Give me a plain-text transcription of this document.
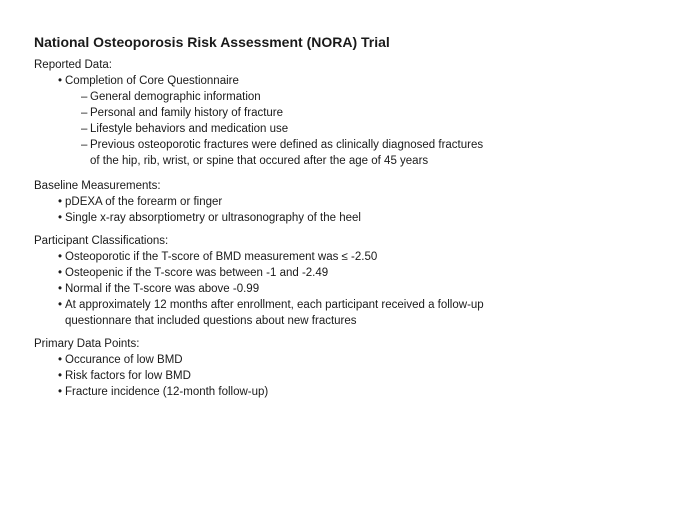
National Osteoporosis Risk Assessment (NORA) Trial
Reported Data:
• Completion of Core Questionnaire
– General demographic information
– Personal and family history of fracture
– Lifestyle behaviors and medication use
– Previous osteoporotic fractures were defined as clinically diagnosed fractures
of the hip, rib, wrist, or spine that occured after the age of 45 years
Baseline Measurements:
• pDEXA of the forearm or finger
• Single x-ray absorptiometry or ultrasonography of the heel
Participant Classifications:
• Osteoporotic if the T-score of BMD measurement was ≤ -2.50
• Osteopenic if the T-score was between -1 and -2.49
• Normal if the T-score was above -0.99
• At approximately 12 months after enrollment, each participant received a follow-up
questionnare that included questions about new fractures
Primary Data Points:
• Occurance of low BMD
• Risk factors for low BMD
• Fracture incidence (12-month follow-up)
